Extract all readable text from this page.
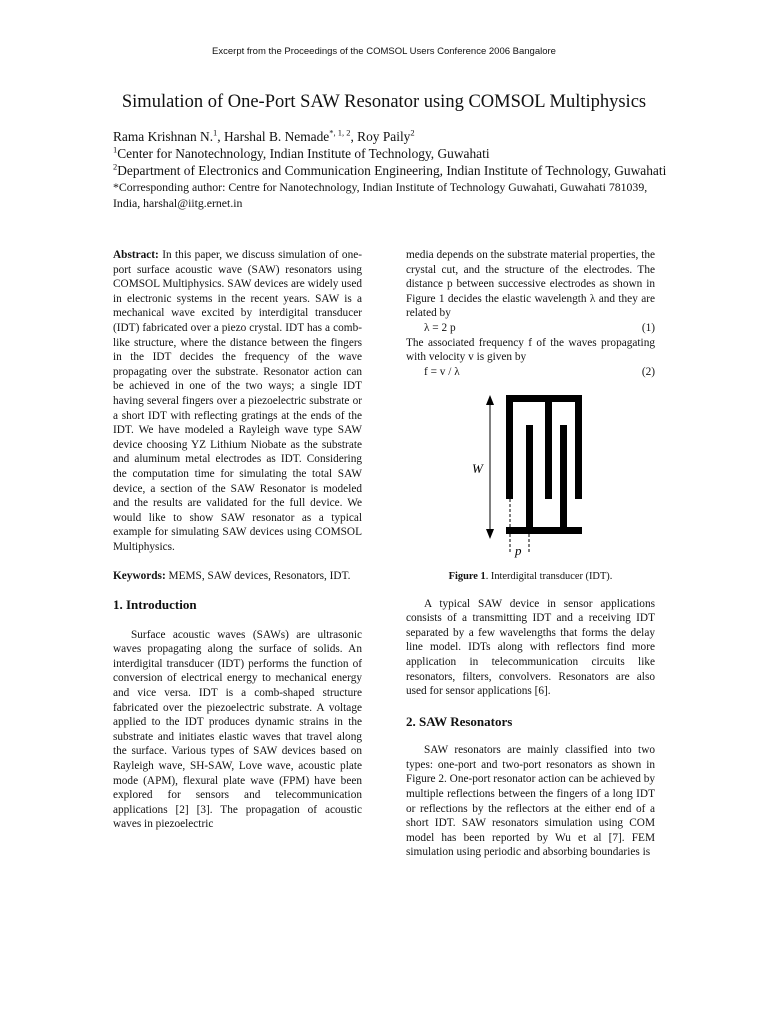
Excerpt from the Proceedings of the COMSOL Users Conference 2006 Bangalore
Simulation of One-Port SAW Resonator using COMSOL Multiphysics

Rama Krishnan N.$^1$, Harshal B. Nemade$^{*, 1, 2}$, Roy Paily$^2$

$^1$Center for Nanotechnology, Indian Institute of Technology, Guwahati

$^2$Department of Electronics and Communication Engineering, Indian Institute of Technology, Guwahati

*Corresponding author: Centre for Nanotechnology, Indian Institute of Technology Guwahati, Guwahati 781039, India, harshal@iitg.ernet.in

Abstract: In this paper, we discuss simulation of one-port surface acoustic wave (SAW) resonators using COMSOL Multiphysics. SAW devices are widely used in electronic systems in the recent years. SAW is a mechanical wave excited by interdigital transducer (IDT) fabricated over a piezo crystal. IDT has a comb-like structure, where the distance between the fingers in the IDT decides the frequency of the wave propagating over the substrate. Resonator action can be achieved in one of the two ways; a single IDT having several fingers over a piezoelectric substrate or a short IDT with reflecting gratings at the ends of the IDT. We have modeled a Rayleigh wave type SAW device choosing YZ Lithium Niobate as the substrate and aluminum metal electrodes as IDT. Considering the computation time for simulating the total SAW device, a section of the SAW Resonator is modeled and the results are validated for the full device. We would like to show SAW resonator as a typical example for simulating SAW devices using COMSOL Multiphysics.

Keywords: MEMS, SAW devices, Resonators, IDT.

1. Introduction

Surface acoustic waves (SAWs) are ultrasonic waves propagating along the surface of solids. An interdigital transducer (IDT) performs the function of conversion of electrical energy to mechanical energy and vice versa. IDT is a comb-shaped structure fabricated over the piezoelectric substrate. A voltage applied to the IDT produces dynamic strains in the substrate and initiates elastic waves that travel along the surface. Various types of SAW devices based on Rayleigh wave, SH-SAW, Love wave, acoustic plate mode (APM), flexural plate wave (FPM) have been explored for sensors and telecommunication applications [2] [3]. The propagation of acoustic waves in piezoelectric

media depends on the substrate material properties, the crystal cut, and the structure of the electrodes. The distance p between successive electrodes as shown in Figure 1 decides the elastic wavelength λ and they are related by

λ = 2 p	(1)

The associated frequency f of the waves propagating with velocity v is given by

f = v / λ	(2)
W
p

Figure 1. Interdigital transducer (IDT).

A typical SAW device in sensor applications consists of a transmitting IDT and a receiving IDT separated by a few wavelengths that forms the delay line model. IDTs along with reflectors find more application in telecommunication circuits like resonators, filters, convolvers. Resonators are also used for sensor applications [6].

2. SAW Resonators

SAW resonators are mainly classified into two types: one-port and two-port resonators as shown in Figure 2. One-port resonator action can be achieved by multiple reflections between the fingers of a long IDT or reflections by the reflectors at the either end of a short IDT. SAW resonators simulation using COM model has been reported by Wu et al [7]. FEM simulation using periodic and absorbing boundaries is
